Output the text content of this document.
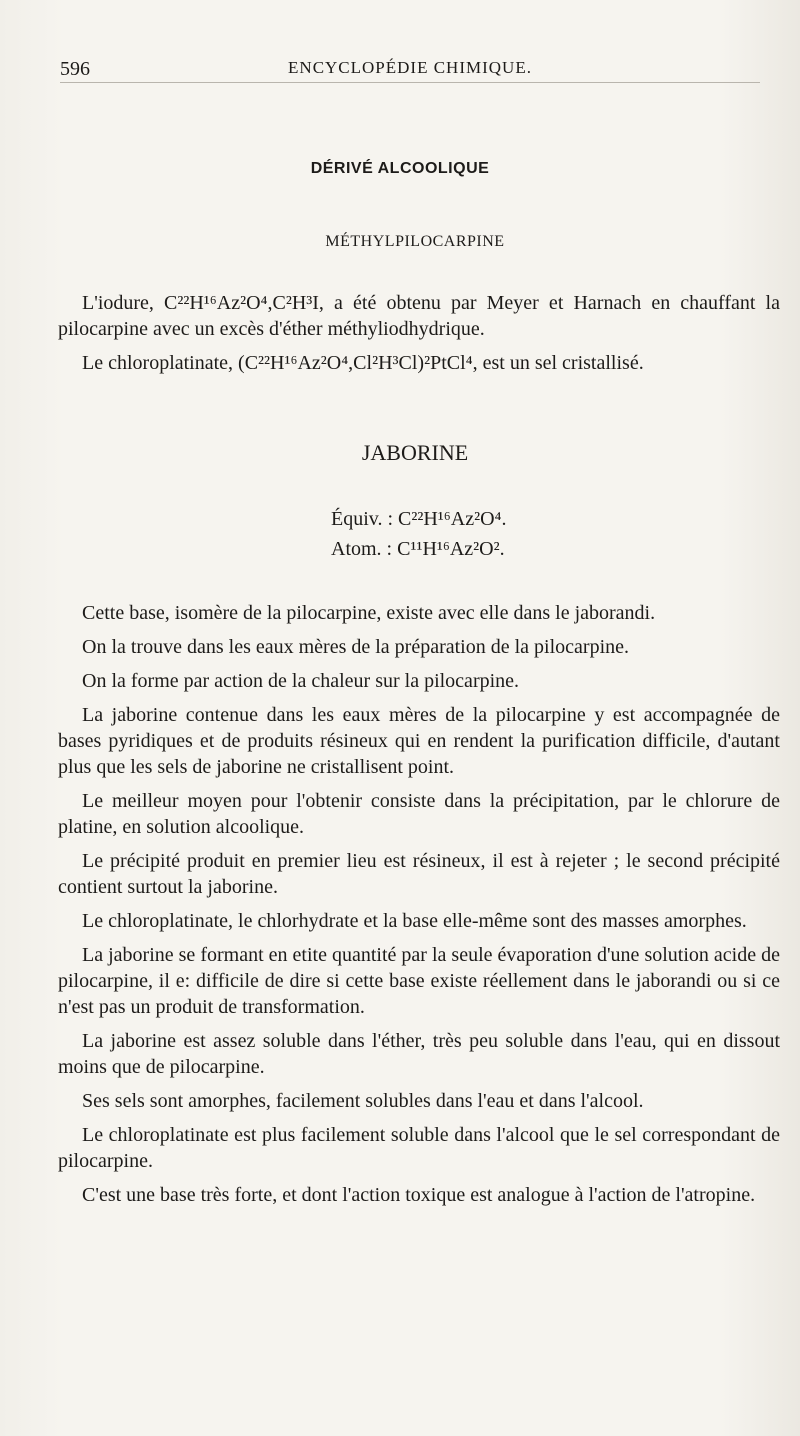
596	ENCYCLOPÉDIE CHIMIQUE.
DÉRIVÉ ALCOOLIQUE
MÉTHYLPILOCARPINE

L'iodure, C²²H¹⁶Az²O⁴,C²H³I, a été obtenu par Meyer et Harnach en chauffant la pilocarpine avec un excès d'éther méthyliodhydrique.

Le chloroplatinate, (C²²H¹⁶Az²O⁴,Cl²H³Cl)²PtCl⁴, est un sel cristallisé.

JABORINE
Équiv. : C²²H¹⁶Az²O⁴.
Atom. : C¹¹H¹⁶Az²O².

Cette base, isomère de la pilocarpine, existe avec elle dans le jaborandi.

On la trouve dans les eaux mères de la préparation de la pilocarpine.

On la forme par action de la chaleur sur la pilocarpine.

La jaborine contenue dans les eaux mères de la pilocarpine y est accompagnée de bases pyridiques et de produits résineux qui en rendent la purification difficile, d'autant plus que les sels de jaborine ne cristallisent point.

Le meilleur moyen pour l'obtenir consiste dans la précipitation, par le chlorure de platine, en solution alcoolique.

Le précipité produit en premier lieu est résineux, il est à rejeter ; le second précipité contient surtout la jaborine.

Le chloroplatinate, le chlorhydrate et la base elle-même sont des masses amorphes.

La jaborine se formant en etite quantité par la seule évaporation d'une solution acide de pilocarpine, il e: difficile de dire si cette base existe réellement dans le jaborandi ou si ce n'est pas un produit de transformation.

La jaborine est assez soluble dans l'éther, très peu soluble dans l'eau, qui en dissout moins que de pilocarpine.

Ses sels sont amorphes, facilement solubles dans l'eau et dans l'alcool.

Le chloroplatinate est plus facilement soluble dans l'alcool que le sel correspondant de pilocarpine.

C'est une base très forte, et dont l'action toxique est analogue à l'action de l'atropine.
